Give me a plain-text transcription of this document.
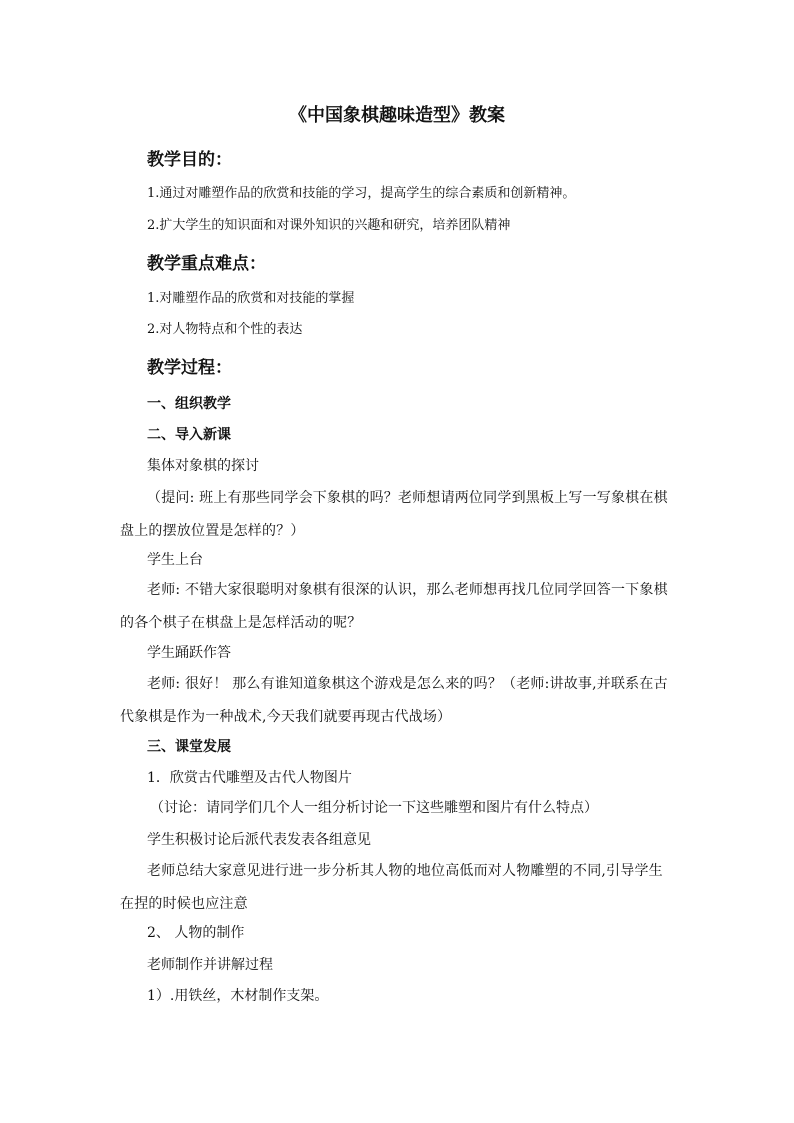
《中国象棋趣味造型》教案
教学目的：
1.通过对雕塑作品的欣赏和技能的学习，提高学生的综合素质和创新精神。
2.扩大学生的知识面和对课外知识的兴趣和研究，培养团队精神
教学重点难点：
1.对雕塑作品的欣赏和对技能的掌握
2.对人物特点和个性的表达
教学过程：
一、组织教学
二、导入新课
集体对象棋的探讨
（提问: 班上有那些同学会下象棋的吗？老师想请两位同学到黑板上写一写象棋在棋盘上的摆放位置是怎样的？）
学生上台
老师: 不错大家很聪明对象棋有很深的认识，那么老师想再找几位同学回答一下象棋的各个棋子在棋盘上是怎样活动的呢？
学生踊跃作答
老师: 很好！ 那么有谁知道象棋这个游戏是怎么来的吗？（老师:讲故事,并联系在古代象棋是作为一种战术,今天我们就要再现古代战场）
三、课堂发展
1．欣赏古代雕塑及古代人物图片
（讨论：请同学们几个人一组分析讨论一下这些雕塑和图片有什么特点）
学生积极讨论后派代表发表各组意见
老师总结大家意见进行进一步分析其人物的地位高低而对人物雕塑的不同,引导学生在捏的时候也应注意
2、 人物的制作
老师制作并讲解过程
1）.用铁丝，木材制作支架。
